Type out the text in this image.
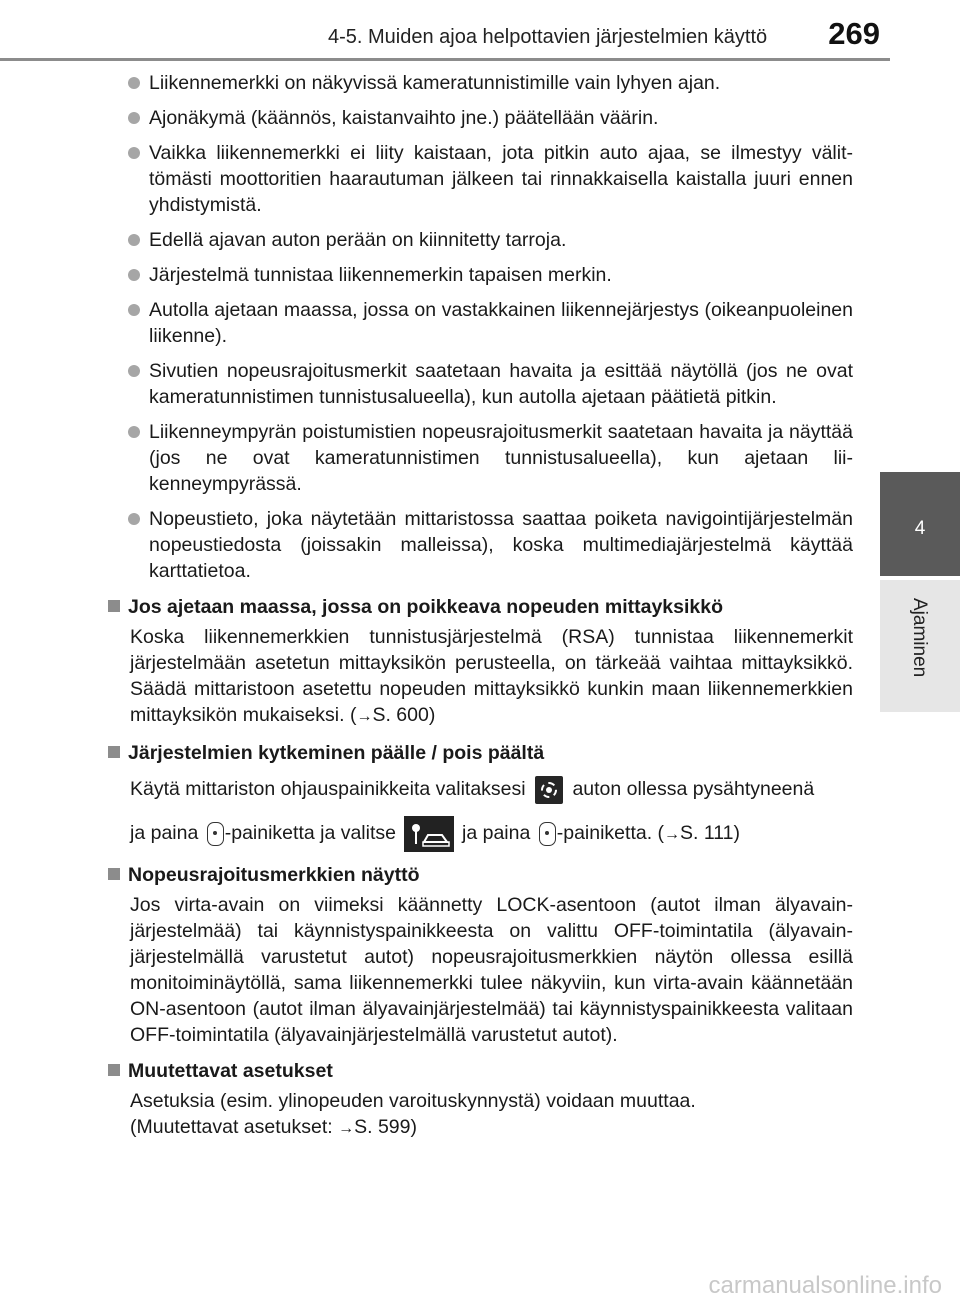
4-5. Muiden ajoa helpottavien järjestelmien käyttö	269
4
Ajaminen
Liikennemerkki on näkyvissä kameratunnistimille vain lyhyen ajan.
Ajonäkymä (käännös, kaistanvaihto jne.) päätellään väärin.
Vaikka liikennemerkki ei liity kaistaan, jota pitkin auto ajaa, se ilmestyy välittömästi moottoritien haarautuman jälkeen tai rinnakkaisella kaistalla juuri ennen yhdistymistä.
Edellä ajavan auton perään on kiinnitetty tarroja.
Järjestelmä tunnistaa liikennemerkin tapaisen merkin.
Autolla ajetaan maassa, jossa on vastakkainen liikennejärjestys (oikeanpuoleinen liikenne).
Sivutien nopeusrajoitusmerkit saatetaan havaita ja esittää näytöllä (jos ne ovat kameratunnistimen tunnistusalueella), kun autolla ajetaan päätietä pitkin.
Liikenneympyrän poistumistien nopeusrajoitusmerkit saatetaan havaita ja näyttää (jos ne ovat kameratunnistimen tunnistusalueella), kun ajetaan liikenneympyrässä.
Nopeustieto, joka näytetään mittaristossa saattaa poiketa navigointijärjestelmän nopeustiedosta (joissakin malleissa), koska multimediajärjestelmä käyttää karttatietoa.
Jos ajetaan maassa, jossa on poikkeava nopeuden mittayksikkö
Koska liikennemerkkien tunnistusjärjestelmä (RSA) tunnistaa liikennemerkit järjestelmään asetetun mittayksikön perusteella, on tärkeää vaihtaa mittayksikkö. Säädä mittaristoon asetettu nopeuden mittayksikkö kunkin maan liikennemerkkien mittayksikön mukaiseksi. (→S. 600)
Järjestelmien kytkeminen päälle / pois päältä
Käytä mittariston ohjauspainikkeita valitaksesi auton ollessa pysähtyneenä
ja paina -painiketta ja valitse	ja paina -painiketta. (→S. 111)
Nopeusrajoitusmerkkien näyttö
Jos virta-avain on viimeksi käännetty LOCK-asentoon (autot ilman älyavainjärjestelmää) tai käynnistyspainikkeesta on valittu OFF-toimintatila (älyavainjärjestelmällä varustetut autot) nopeusrajoitusmerkkien näytön ollessa esillä monitoiminäytöllä, sama liikennemerkki tulee näkyviin, kun virta-avain käännetään ON-asentoon (autot ilman älyavainjärjestelmää) tai käynnistyspainikkeesta valitaan OFF-toimintatila (älyavainjärjestelmällä varustetut autot).
Muutettavat asetukset
Asetuksia (esim. ylinopeuden varoituskynnystä) voidaan muuttaa.
(Muutettavat asetukset: →S. 599)
carmanualsonline.info
